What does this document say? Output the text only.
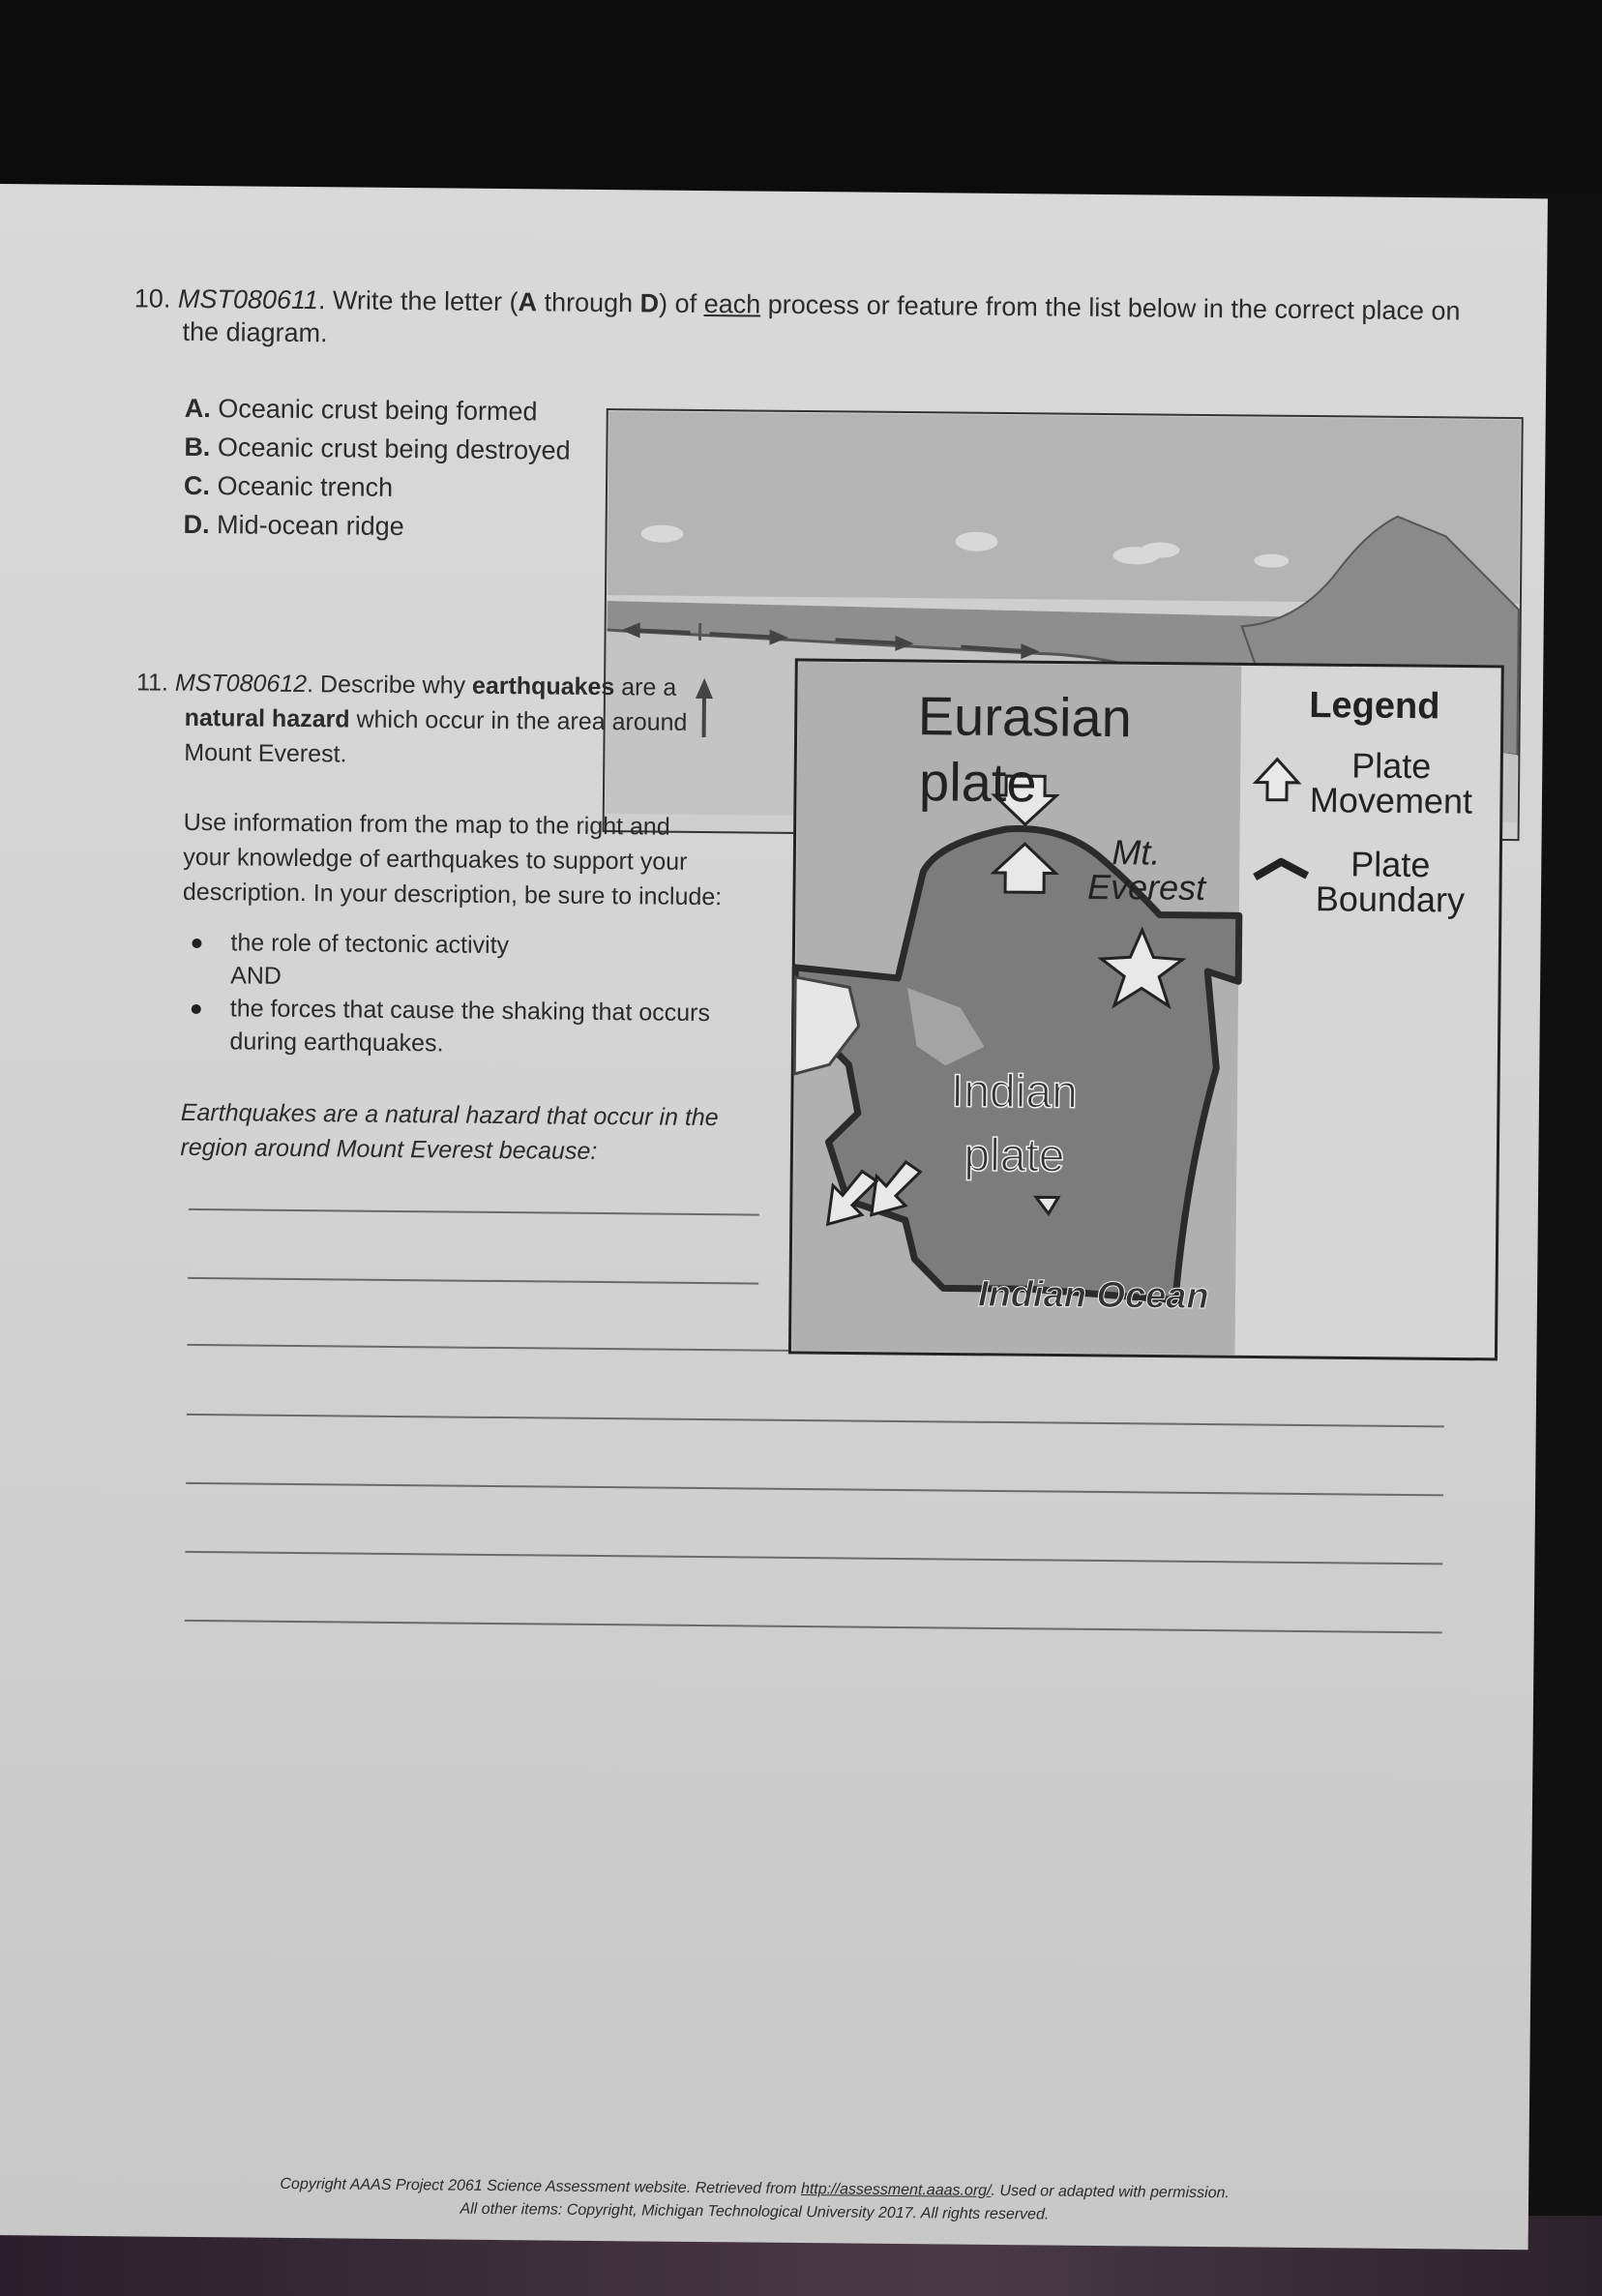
10. MST080611. Write the letter (A through D) of each process or feature from the list below in the correct place on
the diagram.
A. Oceanic crust being formed
B. Oceanic crust being destroyed
C. Oceanic trench
D. Mid-ocean ridge
11. MST080612. Describe why earthquakes are a
natural hazard which occur in the area around
Mount Everest.
Use information from the map to the right and
your knowledge of earthquakes to support your
description. In your description, be sure to include:
the role of tectonic activity
AND
the forces that cause the shaking that occurs
during earthquakes.
Earthquakes are a natural hazard that occur in the
region around Mount Everest because:
Eurasian
plate
Mt.
Everest
Indian
plate
Indian Ocean
Legend
Plate
Movement
Plate
Boundary
Copyright AAAS Project 2061 Science Assessment website. Retrieved from http://assessment.aaas.org/. Used or adapted with permission.
All other items: Copyright, Michigan Technological University 2017. All rights reserved.
